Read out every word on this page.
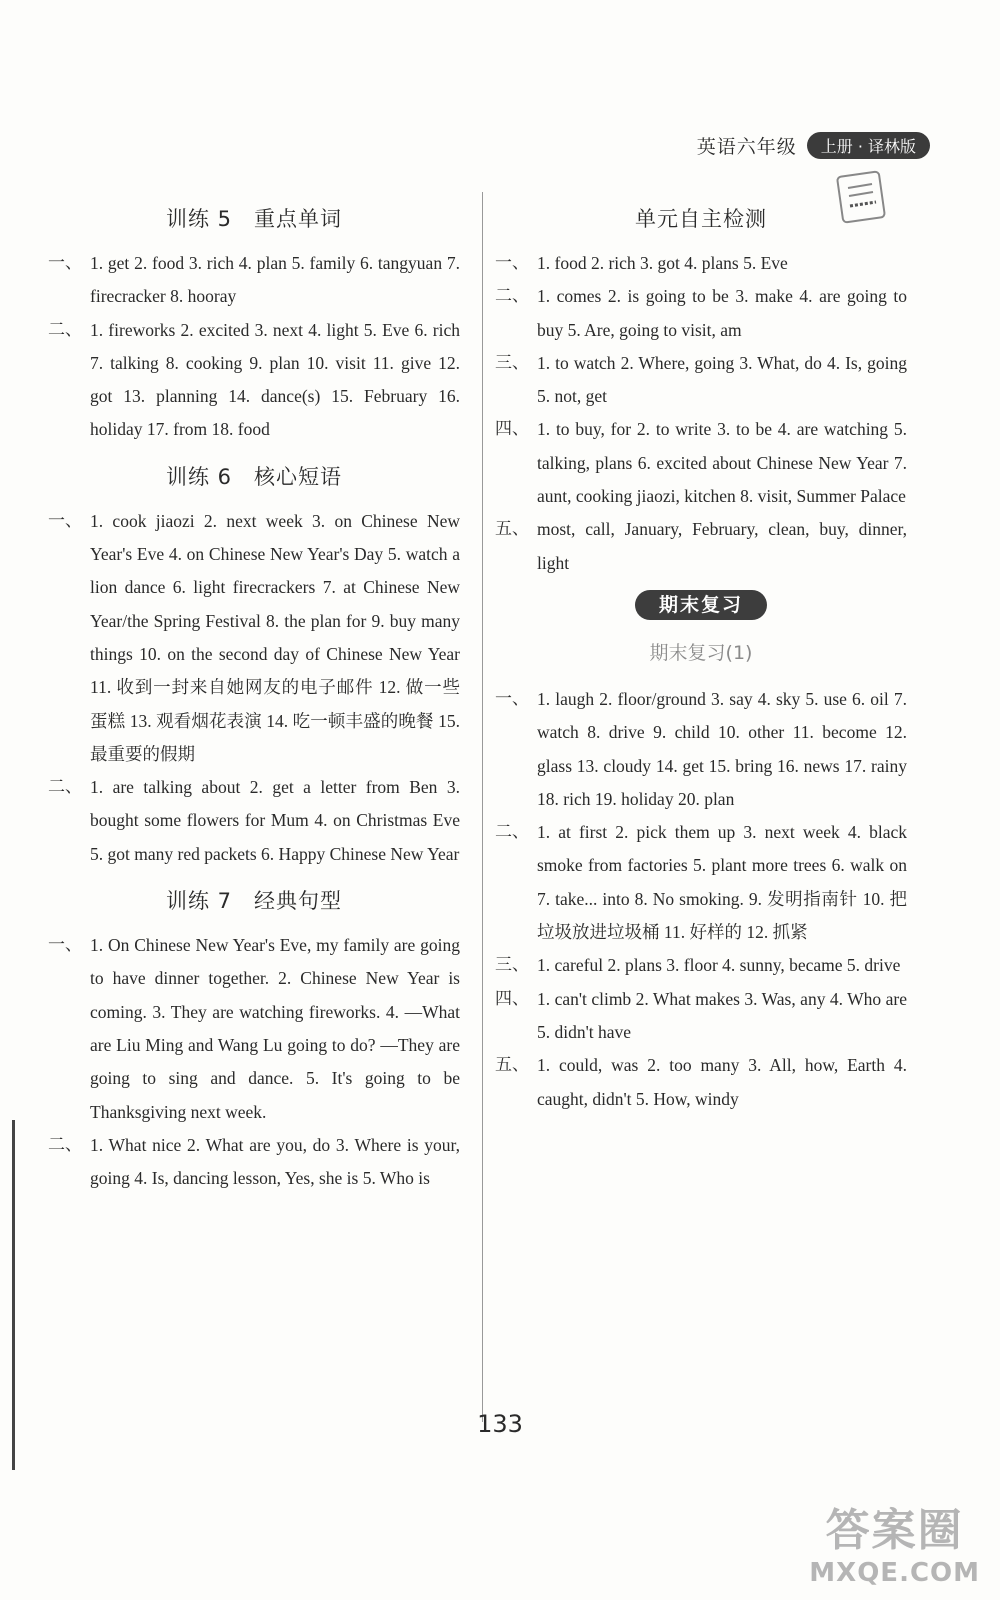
英语六年级	上册 · 译林版
训练 5 重点单词

一、 1. get 2. food 3. rich 4. plan 5. family 6. tangyuan 7. firecracker 8. hooray

二、 1. fireworks 2. excited 3. next 4. light 5. Eve 6. rich 7. talking 8. cooking 9. plan 10. visit 11. give 12. got 13. planning 14. dance(s) 15. February 16. holiday 17. from 18. food

训练 6 核心短语

一、 1. cook jiaozi 2. next week 3. on Chinese New Year's Eve 4. on Chinese New Year's Day 5. watch a lion dance 6. light firecrackers 7. at Chinese New Year/the Spring Festival 8. the plan for 9. buy many things 10. on the second day of Chinese New Year 11. 收到一封来自她网友的电子邮件 12. 做一些蛋糕 13. 观看烟花表演 14. 吃一顿丰盛的晚餐 15. 最重要的假期

二、 1. are talking about 2. get a letter from Ben 3. bought some flowers for Mum 4. on Christmas Eve 5. got many red packets 6. Happy Chinese New Year

训练 7 经典句型

一、 1. On Chinese New Year's Eve, my family are going to have dinner together. 2. Chinese New Year is coming. 3. They are watching fireworks. 4. —What are Liu Ming and Wang Lu going to do? —They are going to sing and dance. 5. It's going to be Thanksgiving next week.

二、 1. What nice 2. What are you, do 3. Where is your, going 4. Is, dancing lesson, Yes, she is 5. Who is

单元自主检测

一、 1. food 2. rich 3. got 4. plans 5. Eve

二、 1. comes 2. is going to be 3. make 4. are going to buy 5. Are, going to visit, am

三、 1. to watch 2. Where, going 3. What, do 4. Is, going 5. not, get

四、 1. to buy, for 2. to write 3. to be 4. are watching 5. talking, plans 6. excited about Chinese New Year 7. aunt, cooking jiaozi, kitchen 8. visit, Summer Palace

五、 most, call, January, February, clean, buy, dinner, light

期末复习
期末复习(1)

一、 1. laugh 2. floor/ground 3. say 4. sky 5. use 6. oil 7. watch 8. drive 9. child 10. other 11. become 12. glass 13. cloudy 14. get 15. bring 16. news 17. rainy 18. rich 19. holiday 20. plan

二、 1. at first 2. pick them up 3. next week 4. black smoke from factories 5. plant more trees 6. walk on 7. take... into 8. No smoking. 9. 发明指南针 10. 把垃圾放进垃圾桶 11. 好样的 12. 抓紧

三、 1. careful 2. plans 3. floor 4. sunny, became 5. drive

四、 1. can't climb 2. What makes 3. Was, any 4. Who are 5. didn't have

五、 1. could, was 2. too many 3. All, how, Earth 4. caught, didn't 5. How, windy

133
答案圈
MXQE.COM
